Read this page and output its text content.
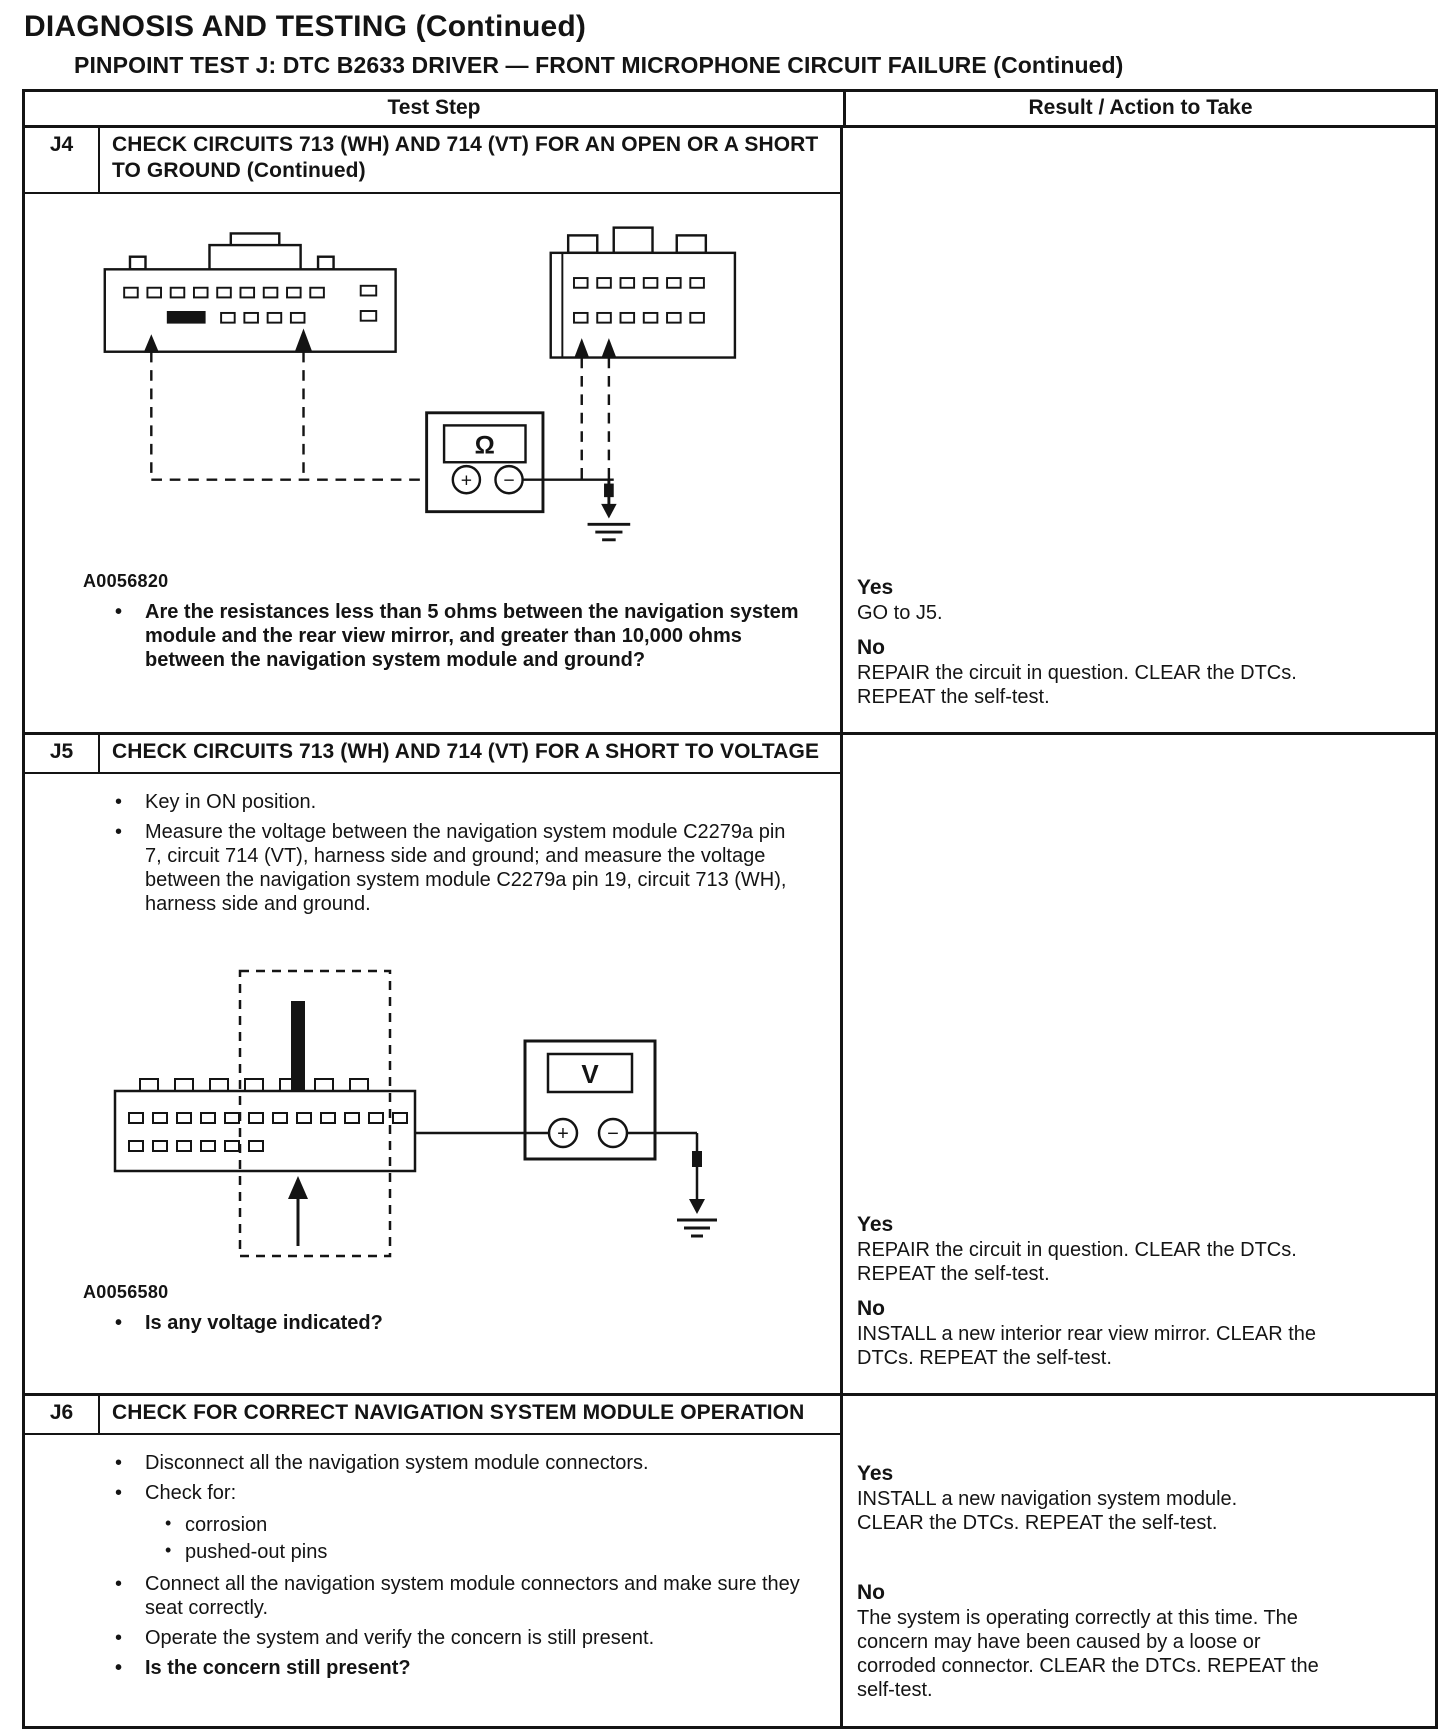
DIAGNOSIS AND TESTING (Continued)
PINPOINT TEST J: DTC B2633 DRIVER — FRONT MICROPHONE CIRCUIT FAILURE (Continued)
Test Step	Result / Action to Take
J4	CHECK CIRCUITS 713 (WH) AND 714 (VT) FOR AN OPEN OR A SHORT TO GROUND (Continued)
Ω
+ −
A0056820
• Are the resistances less than 5 ohms between the navigation system module and the rear view mirror, and greater than 10,000 ohms between the navigation system module and ground?
Yes
GO to J5.
No
REPAIR the circuit in question. CLEAR the DTCs. REPEAT the self-test.
J5	CHECK CIRCUITS 713 (WH) AND 714 (VT) FOR A SHORT TO VOLTAGE
• Key in ON position.
• Measure the voltage between the navigation system module C2279a pin 7, circuit 714 (VT), harness side and ground; and measure the voltage between the navigation system module C2279a pin 19, circuit 713 (WH), harness side and ground.
V
+ −
A0056580
• Is any voltage indicated?
Yes
REPAIR the circuit in question. CLEAR the DTCs. REPEAT the self-test.
No
INSTALL a new interior rear view mirror. CLEAR the DTCs. REPEAT the self-test.
J6	CHECK FOR CORRECT NAVIGATION SYSTEM MODULE OPERATION
• Disconnect all the navigation system module connectors.
• Check for:
• corrosion
• pushed-out pins
• Connect all the navigation system module connectors and make sure they seat correctly.
• Operate the system and verify the concern is still present.
• Is the concern still present?
Yes
INSTALL a new navigation system module. CLEAR the DTCs. REPEAT the self-test.
No
The system is operating correctly at this time. The concern may have been caused by a loose or corroded connector. CLEAR the DTCs. REPEAT the self-test.
